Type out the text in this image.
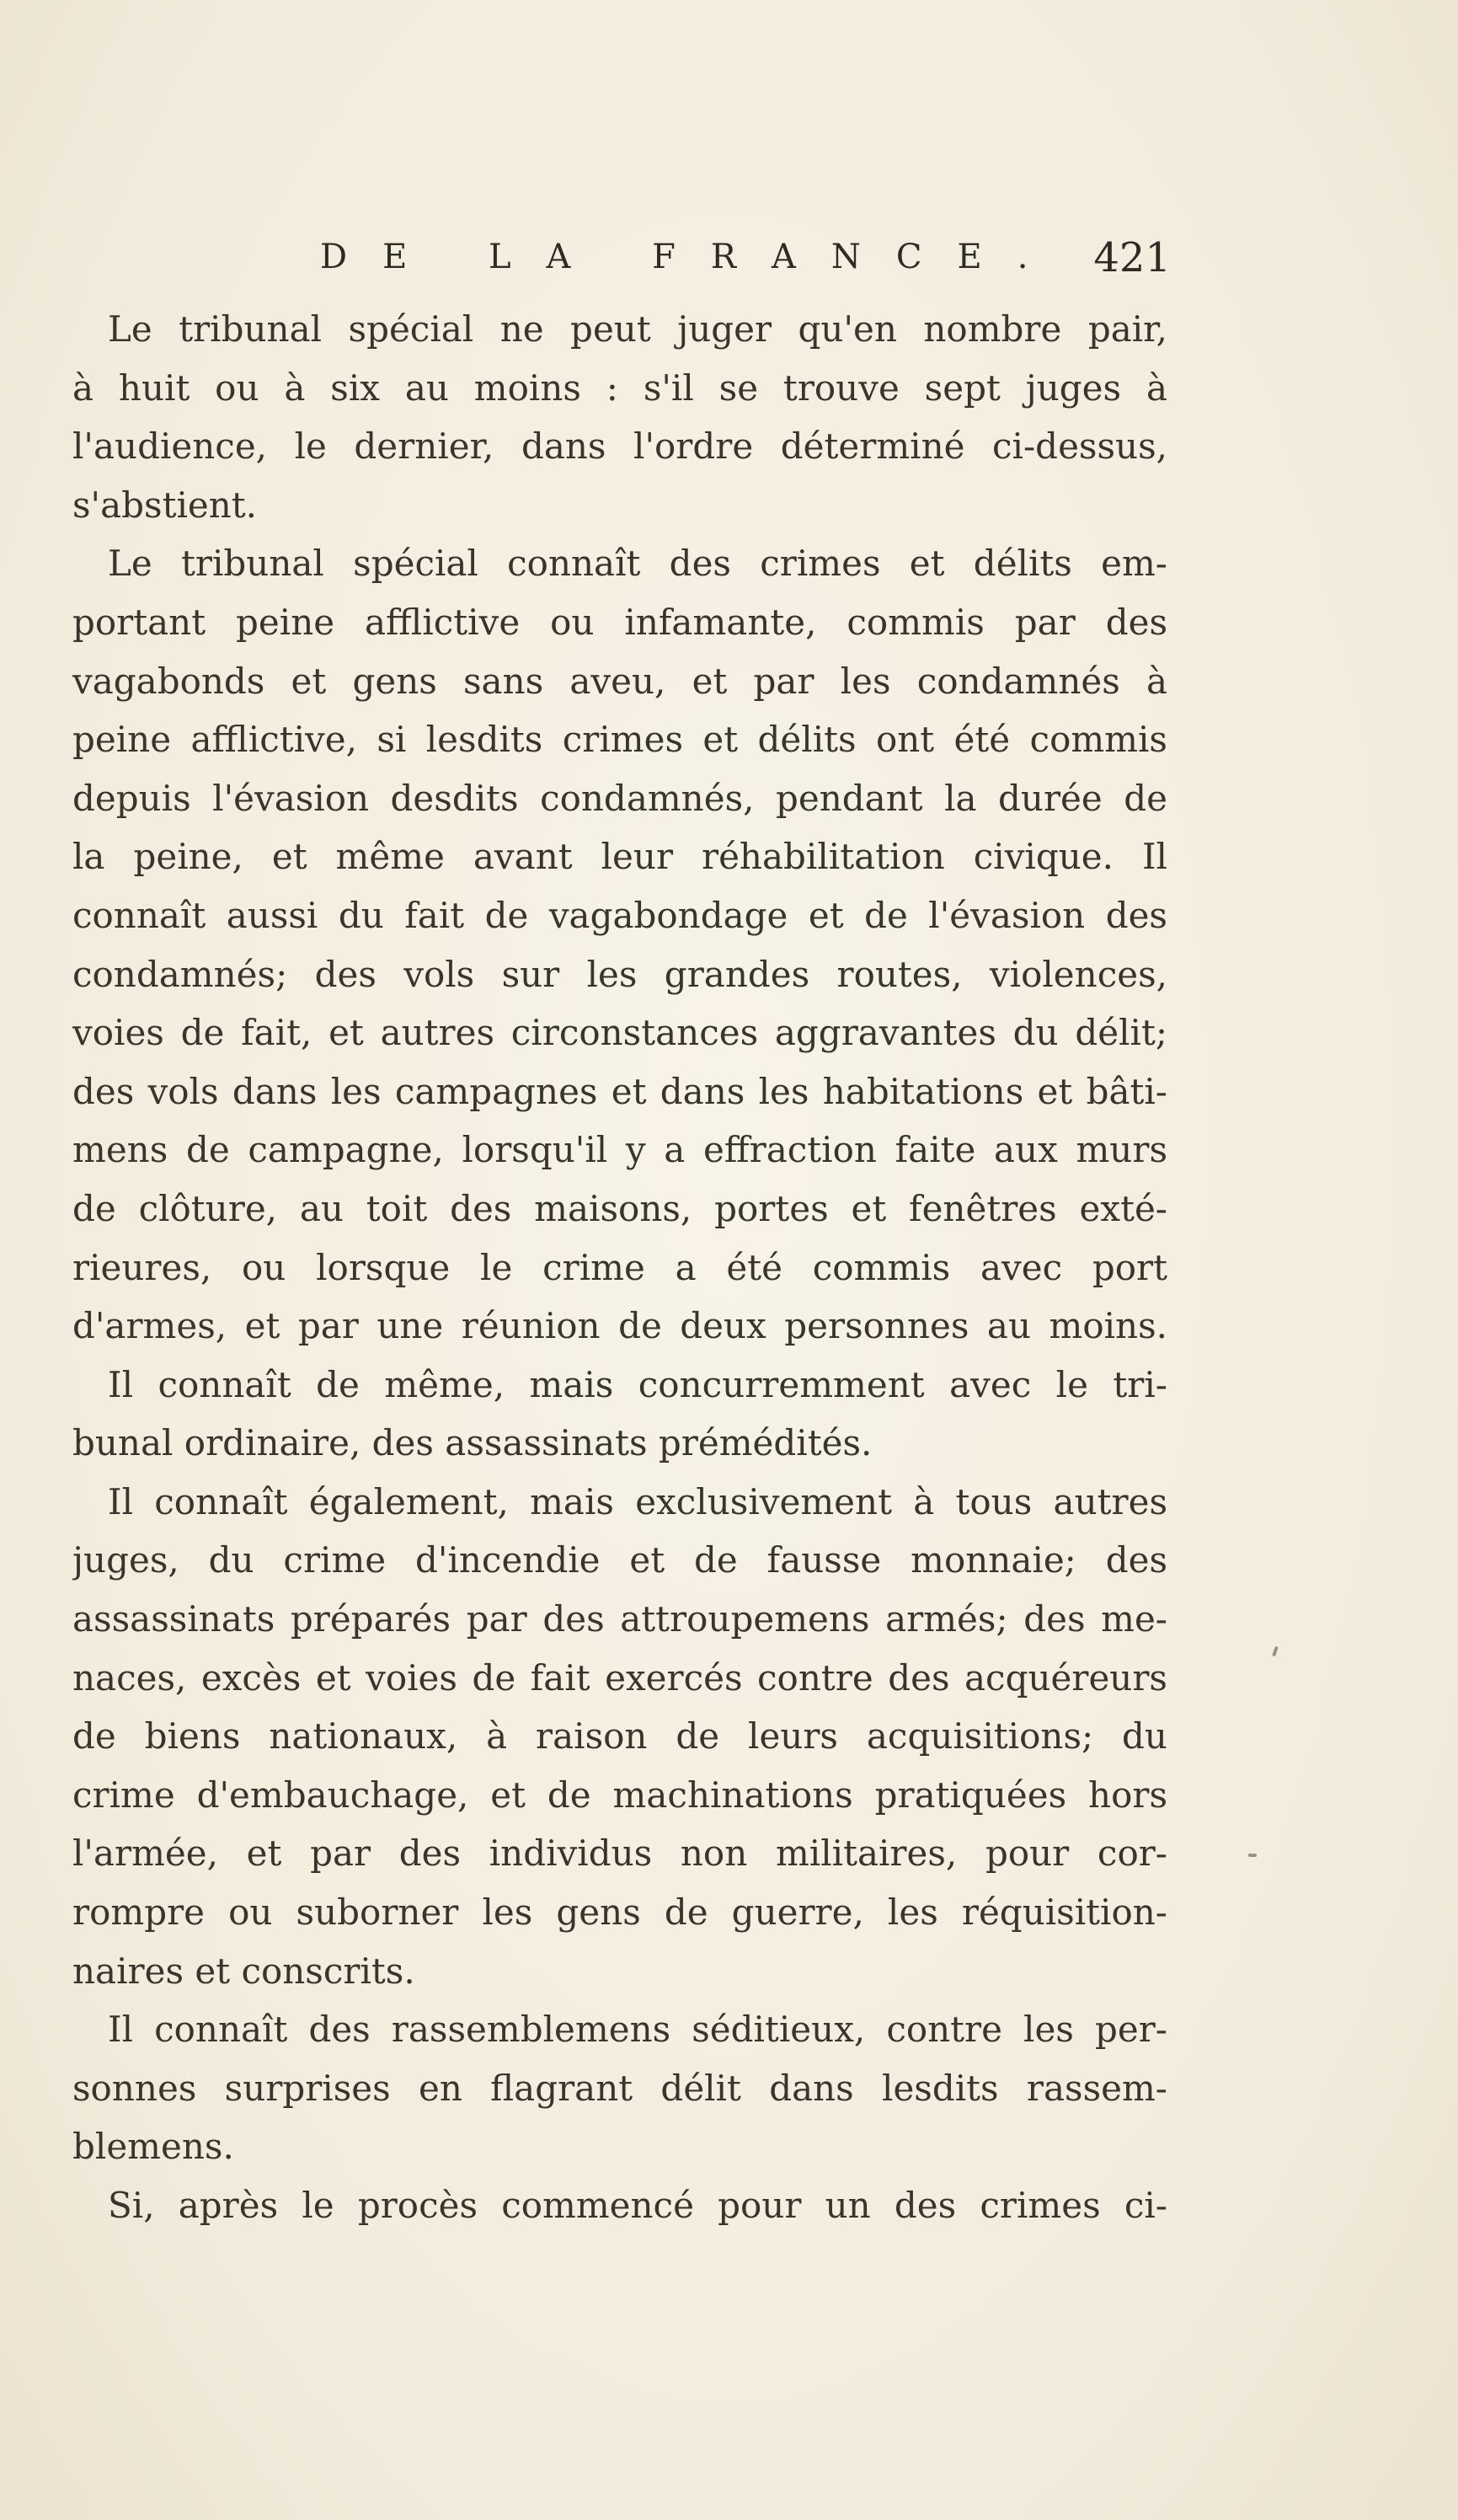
DE LA FRANCE. 421
Le tribunal spécial ne peut juger qu'en nombre pair,
à huit ou à six au moins : s'il se trouve sept juges à
l'audience, le dernier, dans l'ordre déterminé ci-dessus,
s'abstient.
Le tribunal spécial connaît des crimes et délits em-
portant peine afflictive ou infamante, commis par des
vagabonds et gens sans aveu, et par les condamnés à
peine afflictive, si lesdits crimes et délits ont été commis
depuis l'évasion desdits condamnés, pendant la durée de
la peine, et même avant leur réhabilitation civique. Il
connaît aussi du fait de vagabondage et de l'évasion des
condamnés; des vols sur les grandes routes, violences,
voies de fait, et autres circonstances aggravantes du délit;
des vols dans les campagnes et dans les habitations et bâti-
mens de campagne, lorsqu'il y a effraction faite aux murs
de clôture, au toit des maisons, portes et fenêtres exté-
rieures, ou lorsque le crime a été commis avec port
d'armes, et par une réunion de deux personnes au moins.
Il connaît de même, mais concurremment avec le tri-
bunal ordinaire, des assassinats prémédités.
Il connaît également, mais exclusivement à tous autres
juges, du crime d'incendie et de fausse monnaie; des
assassinats préparés par des attroupemens armés; des me-
naces, excès et voies de fait exercés contre des acquéreurs
de biens nationaux, à raison de leurs acquisitions; du
crime d'embauchage, et de machinations pratiquées hors
l'armée, et par des individus non militaires, pour cor-
rompre ou suborner les gens de guerre, les réquisition-
naires et conscrits.
Il connaît des rassemblemens séditieux, contre les per-
sonnes surprises en flagrant délit dans lesdits rassem-
blemens.
Si, après le procès commencé pour un des crimes ci-
